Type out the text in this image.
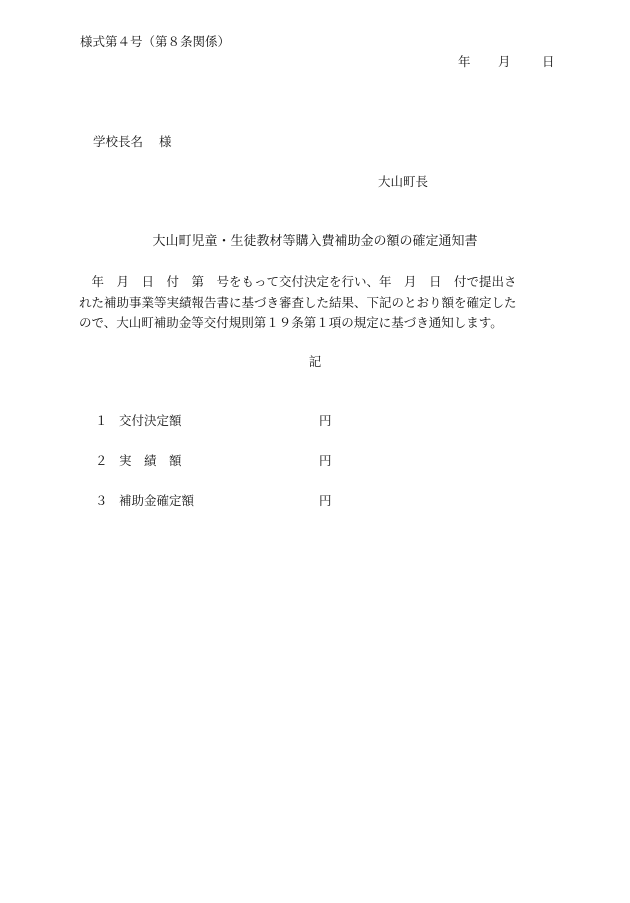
様式第４号（第８条関係）
年 月	日
学校長名 様
大山町長
大山町児童・生徒教材等購入費補助金の額の確定通知書

　年　月　日　付　第　号をもって交付決定を行い、年　月　日　付で提出さ

れた補助事業等実績報告書に基づき審査した結果、下記のとおり額を確定した

ので、大山町補助金等交付規則第１９条第１項の規定に基づき通知します。

記
１ 交付決定額	円
２ 実　績　額	円
３ 補助金確定額	円
